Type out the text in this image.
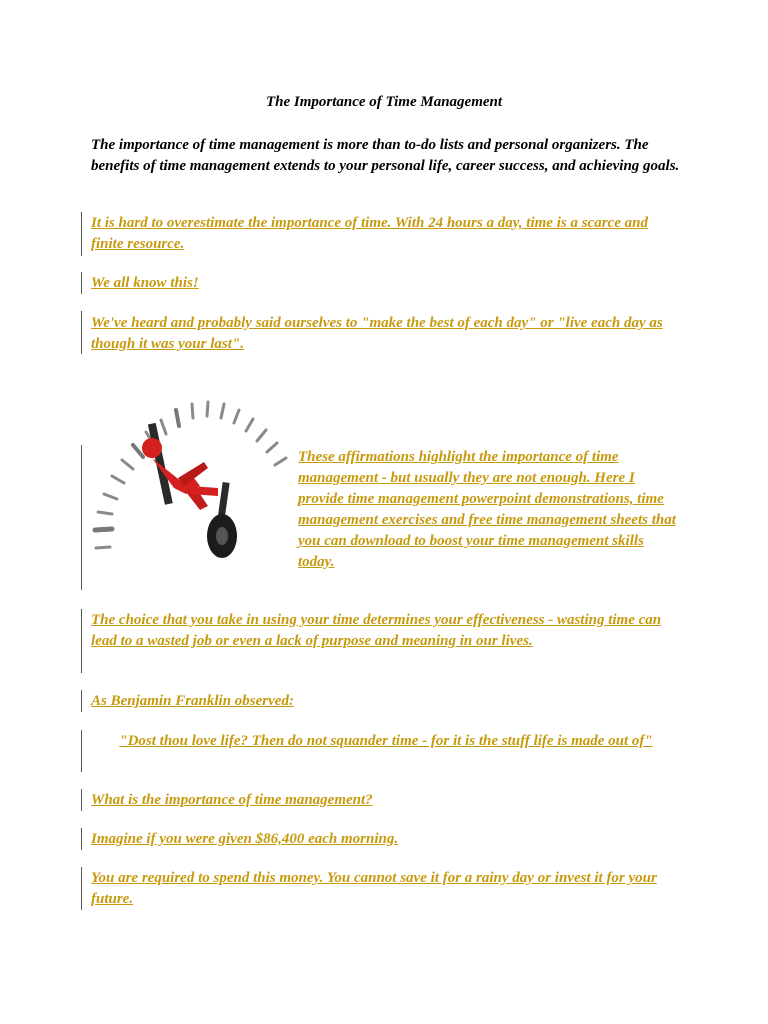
The Importance of Time Management
The importance of time management is more than to-do lists and personal organizers. The benefits of time management extends to your personal life, career success, and achieving goals.
It is hard to overestimate the importance of time. With 24 hours a day, time is a scarce and finite resource.
We all know this!
We've heard and probably said ourselves to "make the best of each day" or "live each day as though it was your last".
These affirmations highlight the importance of time management - but usually they are not enough. Here I provide time management powerpoint demonstrations, time management exercises and free time management sheets that you can download to boost your time management skills today.
The choice that you take in using your time determines your effectiveness - wasting time can lead to a wasted job or even a lack of purpose and meaning in our lives.
As Benjamin Franklin observed:
"Dost thou love life? Then do not squander time - for it is the stuff life is made out of"
What is the importance of time management?
Imagine if you were given $86,400 each morning.
You are required to spend this money. You cannot save it for a rainy day or invest it for your future.
